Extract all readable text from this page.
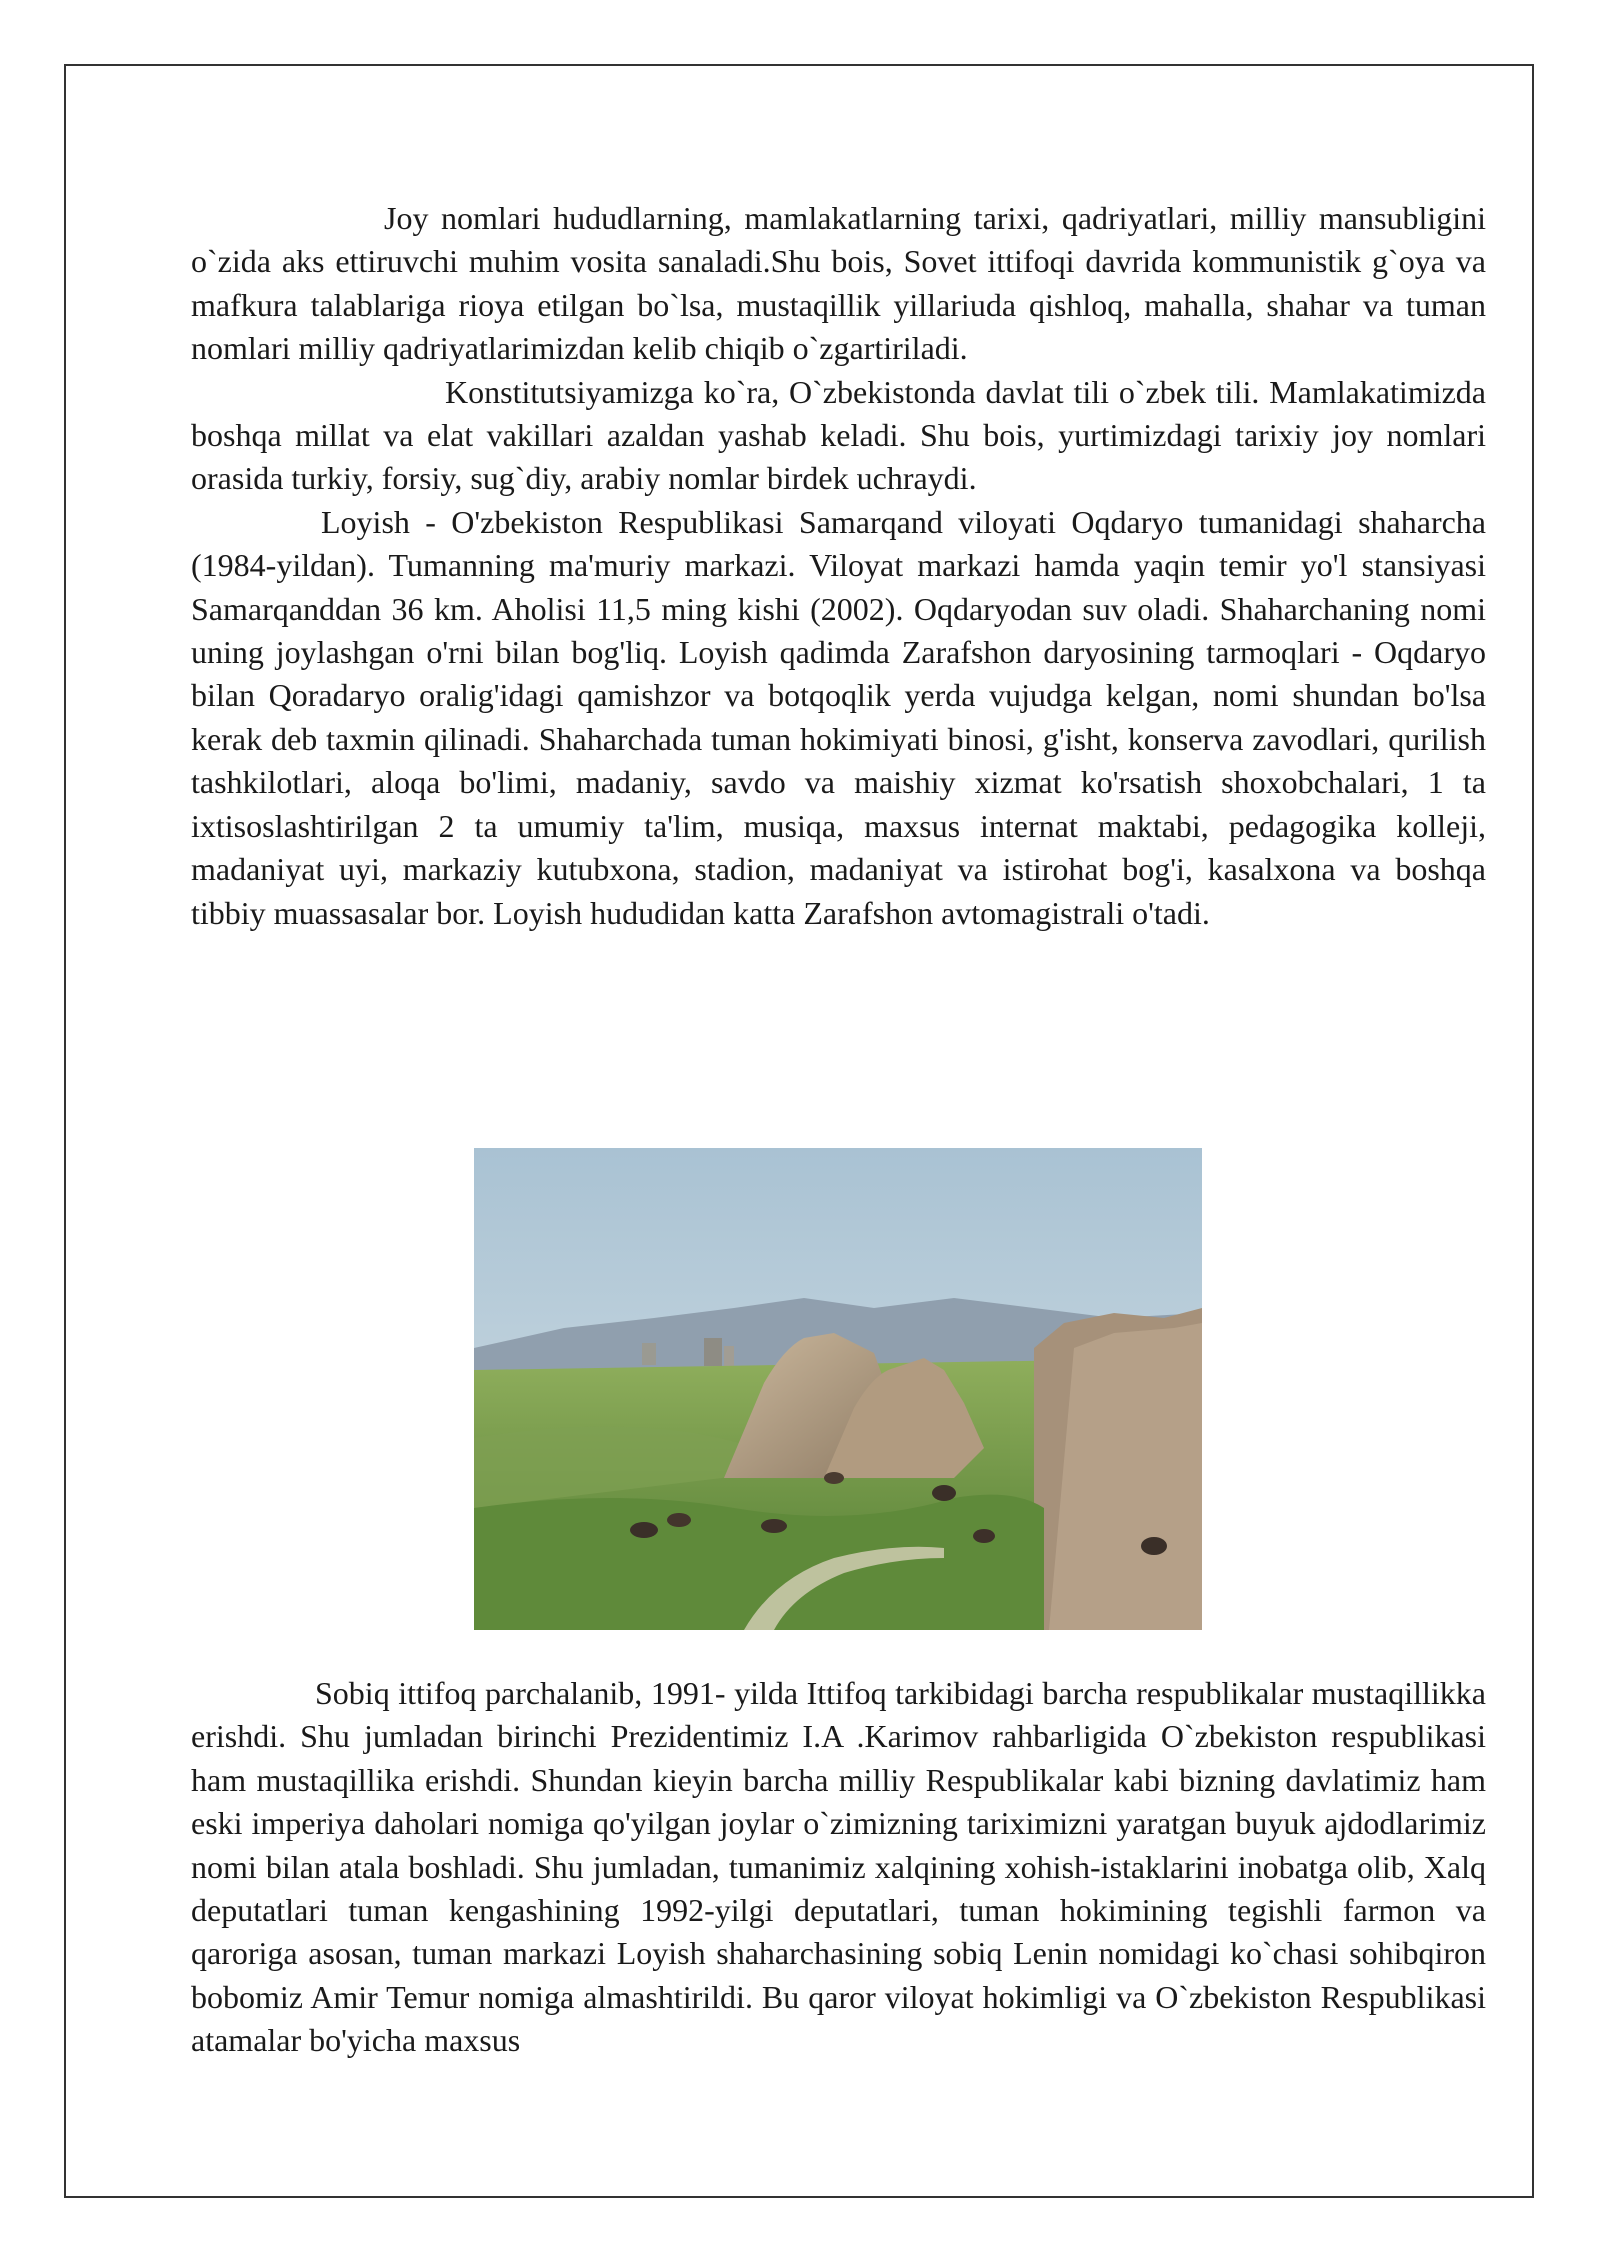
Joy nomlari hududlarning, mamlakatlarning tarixi, qadriyatlari, milliy mansubligini o`zida aks ettiruvchi muhim vosita sanaladi.Shu bois, Sovet ittifoqi davrida kommunistik g`oya va mafkura talablariga rioya etilgan bo`lsa, mustaqillik yillariuda qishloq, mahalla, shahar va tuman nomlari milliy qadriyatlarimizdan kelib chiqib o`zgartiriladi.

Konstitutsiyamizga ko`ra, O`zbekistonda davlat tili o`zbek tili. Mamlakatimizda boshqa millat va elat vakillari azaldan yashab keladi. Shu bois, yurtimizdagi tarixiy joy nomlari orasida turkiy, forsiy, sug`diy, arabiy nomlar birdek uchraydi.

Loyish - O'zbekiston Respublikasi Samarqand viloyati Oqdaryo tumanidagi shaharcha (1984-yildan). Tumanning ma'muriy markazi. Viloyat markazi hamda yaqin temir yo'l stansiyasi Samarqanddan 36 km. Aholisi 11,5 ming kishi (2002). Oqdaryodan suv oladi. Shaharchaning nomi uning joylashgan o'rni bilan bog'liq. Loyish qadimda Zarafshon daryosining tarmoqlari - Oqdaryo bilan Qoradaryo oralig'idagi qamishzor va botqoqlik yerda vujudga kelgan, nomi shundan bo'lsa kerak deb taxmin qilinadi. Shaharchada tuman hokimiyati binosi, g'isht, konserva zavodlari, qurilish tashkilotlari, aloqa bo'limi, madaniy, savdo va maishiy xizmat ko'rsatish shoxobchalari, 1 ta ixtisoslashtirilgan 2 ta umumiy ta'lim, musiqa, maxsus internat maktabi, pedagogika kolleji, madaniyat uyi, markaziy kutubxona, stadion, madaniyat va istirohat bog'i, kasalxona va boshqa tibbiy muassasalar bor. Loyish hududidan katta Zarafshon avtomagistrali o'tadi.

Sobiq ittifoq parchalanib, 1991- yilda Ittifoq tarkibidagi barcha respublikalar mustaqillikka erishdi. Shu jumladan birinchi Prezidentimiz I.A .Karimov rahbarligida O`zbekiston respublikasi ham mustaqillika erishdi. Shundan kieyin barcha milliy Respublikalar kabi bizning davlatimiz ham eski imperiya daholari nomiga qo'yilgan joylar o`zimizning tariximizni yaratgan buyuk ajdodlarimiz nomi bilan atala boshladi. Shu jumladan, tumanimiz xalqining xohish-istaklarini inobatga olib, Xalq deputatlari tuman kengashining 1992-yilgi deputatlari, tuman hokimining tegishli farmon va qaroriga asosan, tuman markazi Loyish shaharchasining sobiq Lenin nomidagi ko`chasi sohibqiron bobomiz Amir Temur nomiga almashtirildi. Bu qaror viloyat hokimligi va O`zbekiston Respublikasi atamalar bo'yicha maxsus
